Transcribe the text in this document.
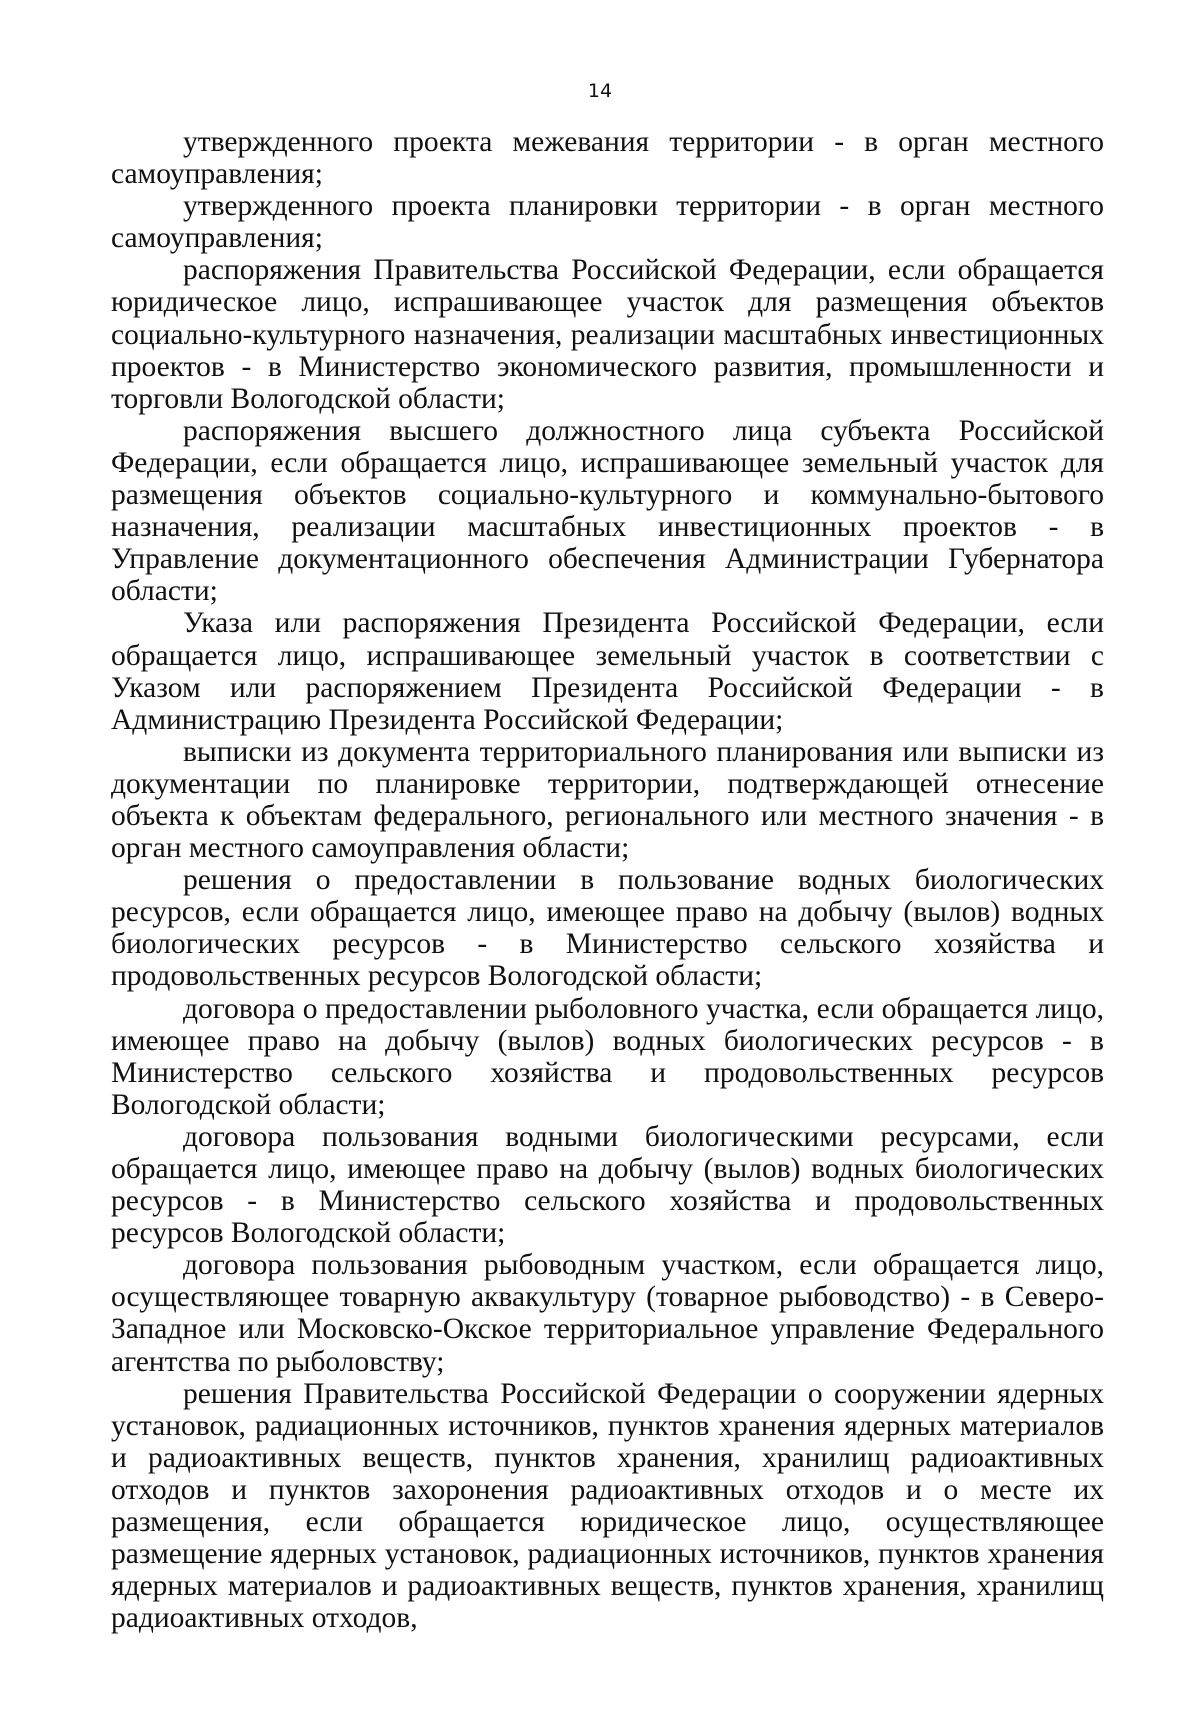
14

утвержденного проекта межевания территории - в орган местного самоуправления;

утвержденного проекта планировки территории - в орган местного самоуправления;

распоряжения Правительства Российской Федерации, если обращается юридическое лицо, испрашивающее участок для размещения объектов социально-культурного назначения, реализации масштабных инвестиционных проектов - в Министерство экономического развития, промышленности и торговли Вологодской области;

распоряжения высшего должностного лица субъекта Российской Федерации, если обращается лицо, испрашивающее земельный участок для размещения объектов социально-культурного и коммунально-бытового назначения, реализации масштабных инвестиционных проектов - в Управление документационного обеспечения Администрации Губернатора области;

Указа или распоряжения Президента Российской Федерации, если обращается лицо, испрашивающее земельный участок в соответствии с Указом или распоряжением Президента Российской Федерации - в Администрацию Президента Российской Федерации;

выписки из документа территориального планирования или выписки из документации по планировке территории, подтверждающей отнесение объекта к объектам федерального, регионального или местного значения - в орган местного самоуправления области;

решения о предоставлении в пользование водных биологических ресурсов, если обращается лицо, имеющее право на добычу (вылов) водных биологических ресурсов - в Министерство сельского хозяйства и продовольственных ресурсов Вологодской области;

договора о предоставлении рыболовного участка, если обращается лицо, имеющее право на добычу (вылов) водных биологических ресурсов - в Министерство сельского хозяйства и продовольственных ресурсов Вологодской области;

договора пользования водными биологическими ресурсами, если обращается лицо, имеющее право на добычу (вылов) водных биологических ресурсов - в Министерство сельского хозяйства и продовольственных ресурсов Вологодской области;

договора пользования рыбоводным участком, если обращается лицо, осуществляющее товарную аквакультуру (товарное рыбоводство) - в Северо-Западное или Московско-Окское территориальное управление Федерального агентства по рыболовству;

решения Правительства Российской Федерации о сооружении ядерных установок, радиационных источников, пунктов хранения ядерных материалов и радиоактивных веществ, пунктов хранения, хранилищ радиоактивных отходов и пунктов захоронения радиоактивных отходов и о месте их размещения, если обращается юридическое лицо, осуществляющее размещение ядерных установок, радиационных источников, пунктов хранения ядерных материалов и радиоактивных веществ, пунктов хранения, хранилищ радиоактивных отходов,
